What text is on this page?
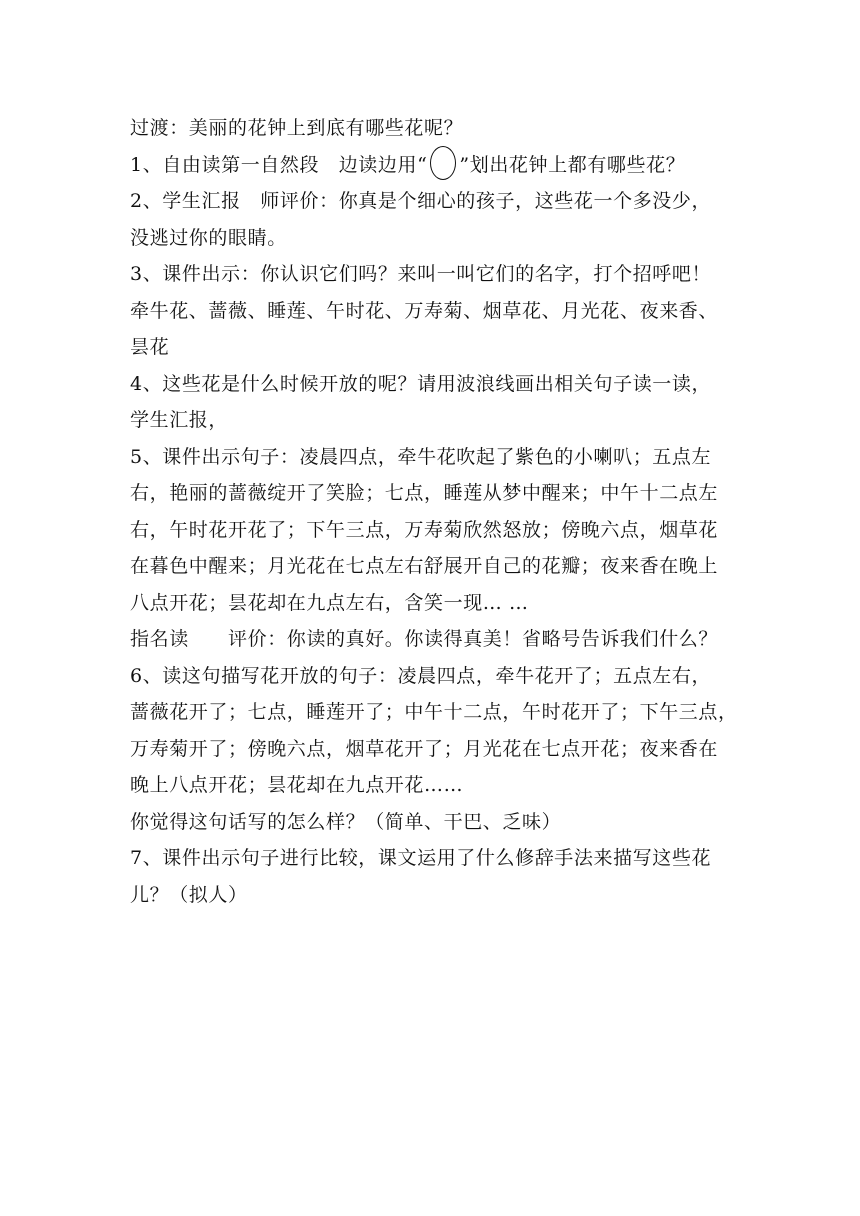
过渡：美丽的花钟上到底有哪些花呢？
1、自由读第一自然段　边读边用“ ○ ”划出花钟上都有哪些花？
2、学生汇报　师评价：你真是个细心的孩子，这些花一个多没少，
没逃过你的眼睛。
3、课件出示：你认识它们吗？来叫一叫它们的名字，打个招呼吧！
牵牛花、蔷薇、睡莲、午时花、万寿菊、烟草花、月光花、夜来香、
昙花
4、这些花是什么时候开放的呢？请用波浪线画出相关句子读一读，
学生汇报，
5、课件出示句子：凌晨四点，牵牛花吹起了紫色的小喇叭；五点左
右，艳丽的蔷薇绽开了笑脸；七点，睡莲从梦中醒来；中午十二点左
右，午时花开花了；下午三点，万寿菊欣然怒放；傍晚六点，烟草花
在暮色中醒来；月光花在七点左右舒展开自己的花瓣；夜来香在晚上
八点开花；昙花却在九点左右，含笑一现… …
指名读　　评价：你读的真好。你读得真美！省略号告诉我们什么？
6、读这句描写花开放的句子：凌晨四点，牵牛花开了；五点左右，
蔷薇花开了；七点，睡莲开了；中午十二点，午时花开了；下午三点，
万寿菊开了；傍晚六点，烟草花开了；月光花在七点开花；夜来香在
晚上八点开花；昙花却在九点开花……
你觉得这句话写的怎么样？（简单、干巴、乏味）
7、课件出示句子进行比较，课文运用了什么修辞手法来描写这些花
儿？（拟人）
